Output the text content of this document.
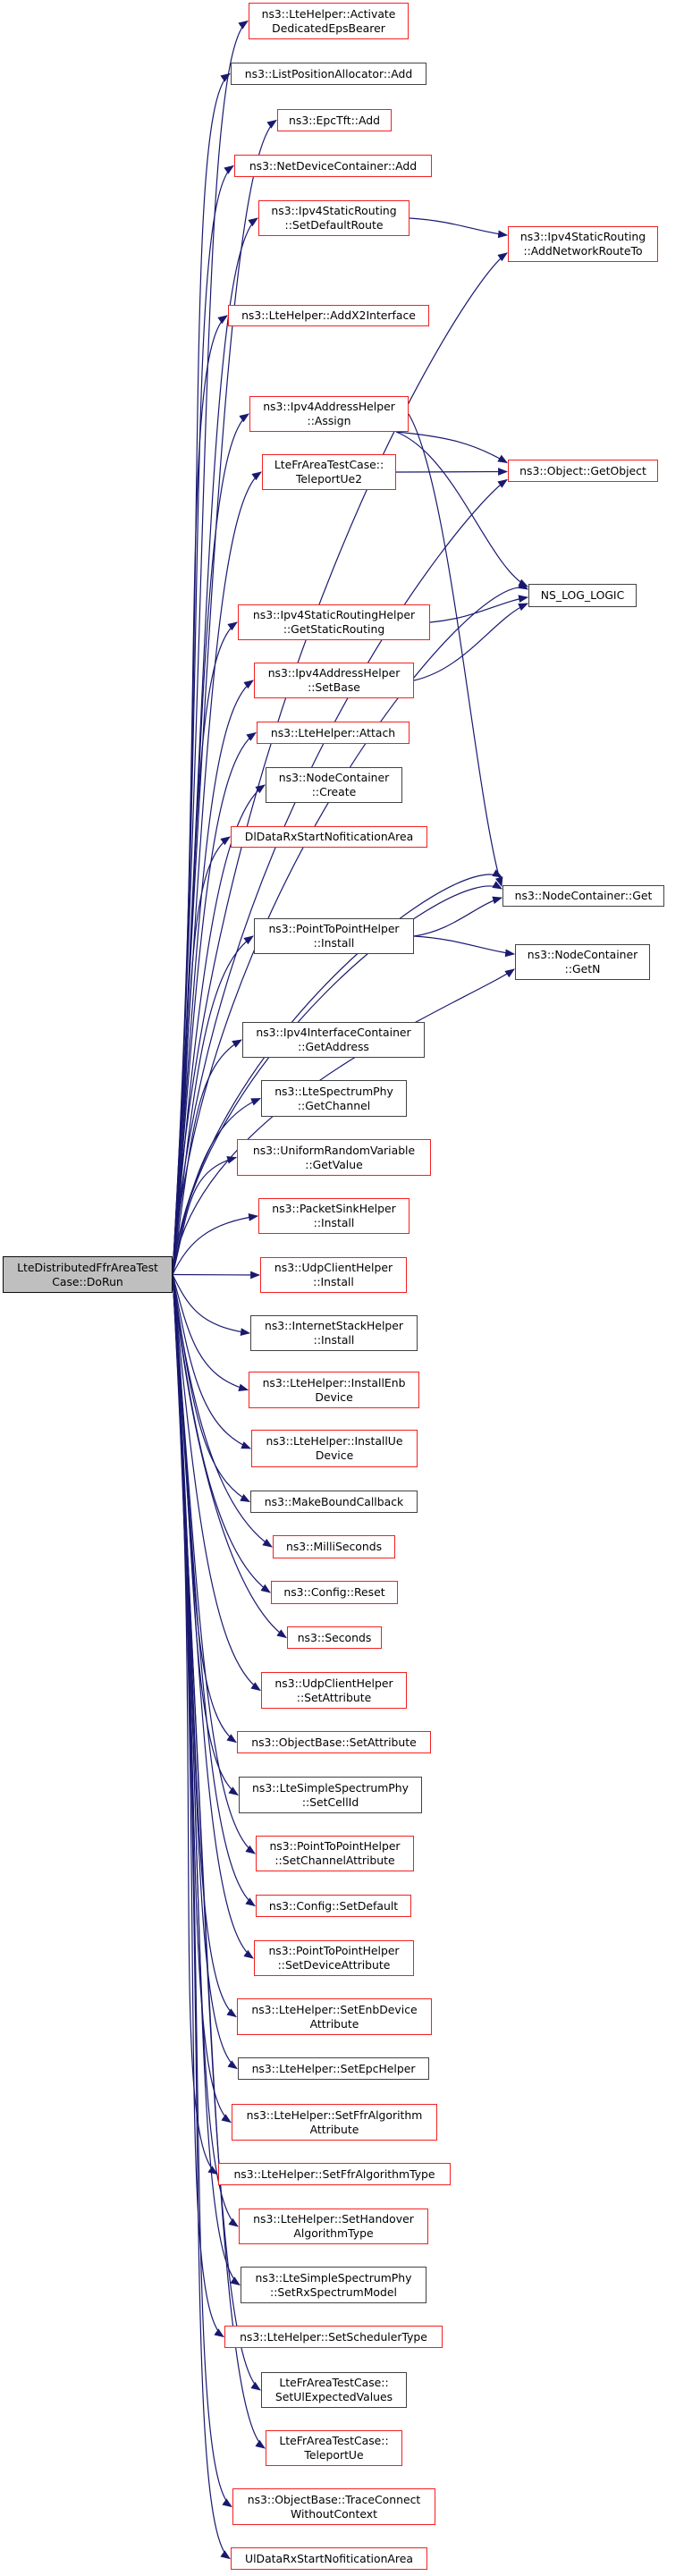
LteDistributedFfrAreaTest
Case::DoRun
ns3::LteHelper::Activate
DedicatedEpsBearer
ns3::ListPositionAllocator::Add
ns3::EpcTft::Add
ns3::NetDeviceContainer::Add
ns3::Ipv4StaticRouting
::SetDefaultRoute
ns3::Ipv4StaticRouting
::AddNetworkRouteTo
ns3::LteHelper::AddX2Interface
ns3::Ipv4AddressHelper
::Assign
LteFrAreaTestCase::
TeleportUe2
ns3::Object::GetObject
NS_LOG_LOGIC
ns3::Ipv4StaticRoutingHelper
::GetStaticRouting
ns3::Ipv4AddressHelper
::SetBase
ns3::LteHelper::Attach
ns3::NodeContainer
::Create
DlDataRxStartNofiticationArea
ns3::NodeContainer::Get
ns3::PointToPointHelper
::Install
ns3::NodeContainer
::GetN
ns3::Ipv4InterfaceContainer
::GetAddress
ns3::LteSpectrumPhy
::GetChannel
ns3::UniformRandomVariable
::GetValue
ns3::PacketSinkHelper
::Install
ns3::UdpClientHelper
::Install
ns3::InternetStackHelper
::Install
ns3::LteHelper::InstallEnb
Device
ns3::LteHelper::InstallUe
Device
ns3::MakeBoundCallback
ns3::MilliSeconds
ns3::Config::Reset
ns3::Seconds
ns3::UdpClientHelper
::SetAttribute
ns3::ObjectBase::SetAttribute
ns3::LteSimpleSpectrumPhy
::SetCellId
ns3::PointToPointHelper
::SetChannelAttribute
ns3::Config::SetDefault
ns3::PointToPointHelper
::SetDeviceAttribute
ns3::LteHelper::SetEnbDevice
Attribute
ns3::LteHelper::SetEpcHelper
ns3::LteHelper::SetFfrAlgorithm
Attribute
ns3::LteHelper::SetFfrAlgorithmType
ns3::LteHelper::SetHandover
AlgorithmType
ns3::LteSimpleSpectrumPhy
::SetRxSpectrumModel
ns3::LteHelper::SetSchedulerType
LteFrAreaTestCase::
SetUlExpectedValues
LteFrAreaTestCase::
TeleportUe
ns3::ObjectBase::TraceConnect
WithoutContext
UlDataRxStartNofiticationArea
